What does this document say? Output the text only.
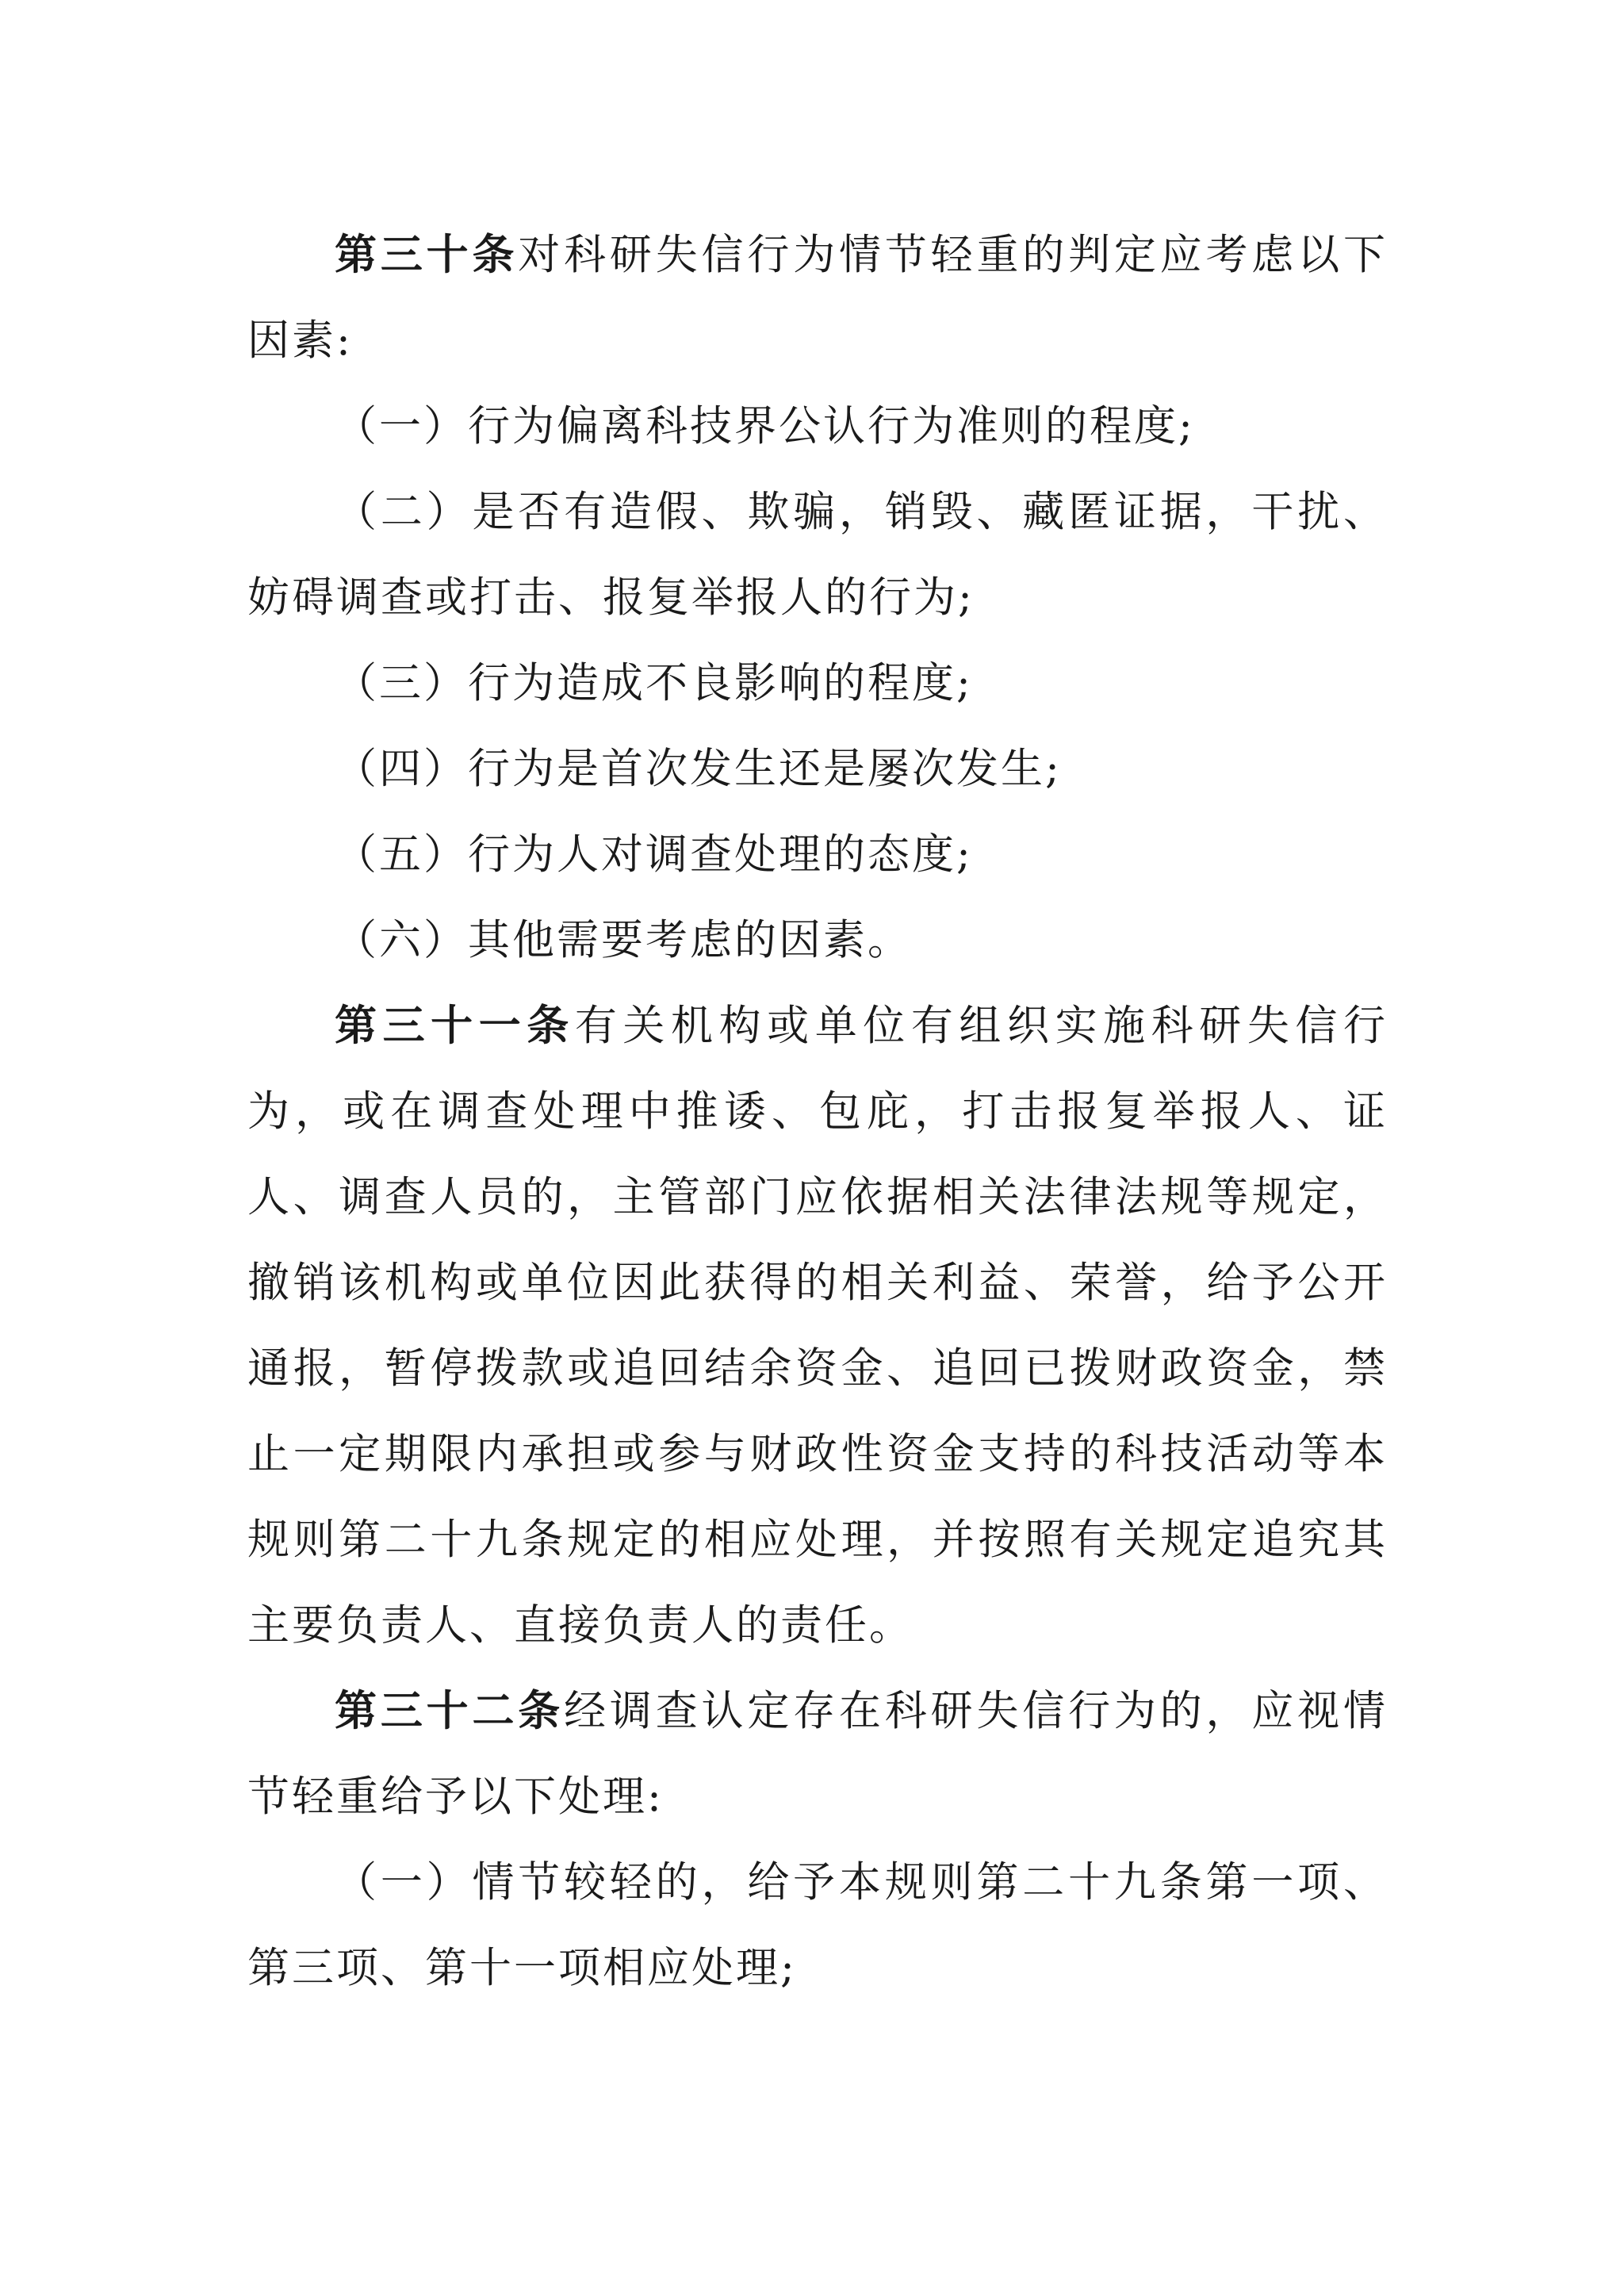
第三十条对科研失信行为情节轻重的判定应考虑以下因素:

（一）行为偏离科技界公认行为准则的程度;

（二）是否有造假、欺骗，销毁、藏匿证据，干扰、妨碍调查或打击、报复举报人的行为;

（三）行为造成不良影响的程度;

（四）行为是首次发生还是屡次发生;

（五）行为人对调查处理的态度;

（六）其他需要考虑的因素。

第三十一条有关机构或单位有组织实施科研失信行为，或在调查处理中推诿、包庇，打击报复举报人、证人、调查人员的，主管部门应依据相关法律法规等规定，撤销该机构或单位因此获得的相关利益、荣誉，给予公开通报，暂停拨款或追回结余资金、追回已拨财政资金，禁止一定期限内承担或参与财政性资金支持的科技活动等本规则第二十九条规定的相应处理，并按照有关规定追究其主要负责人、直接负责人的责任。

第三十二条经调查认定存在科研失信行为的，应视情节轻重给予以下处理:

（一）情节较轻的，给予本规则第二十九条第一项、第三项、第十一项相应处理;
